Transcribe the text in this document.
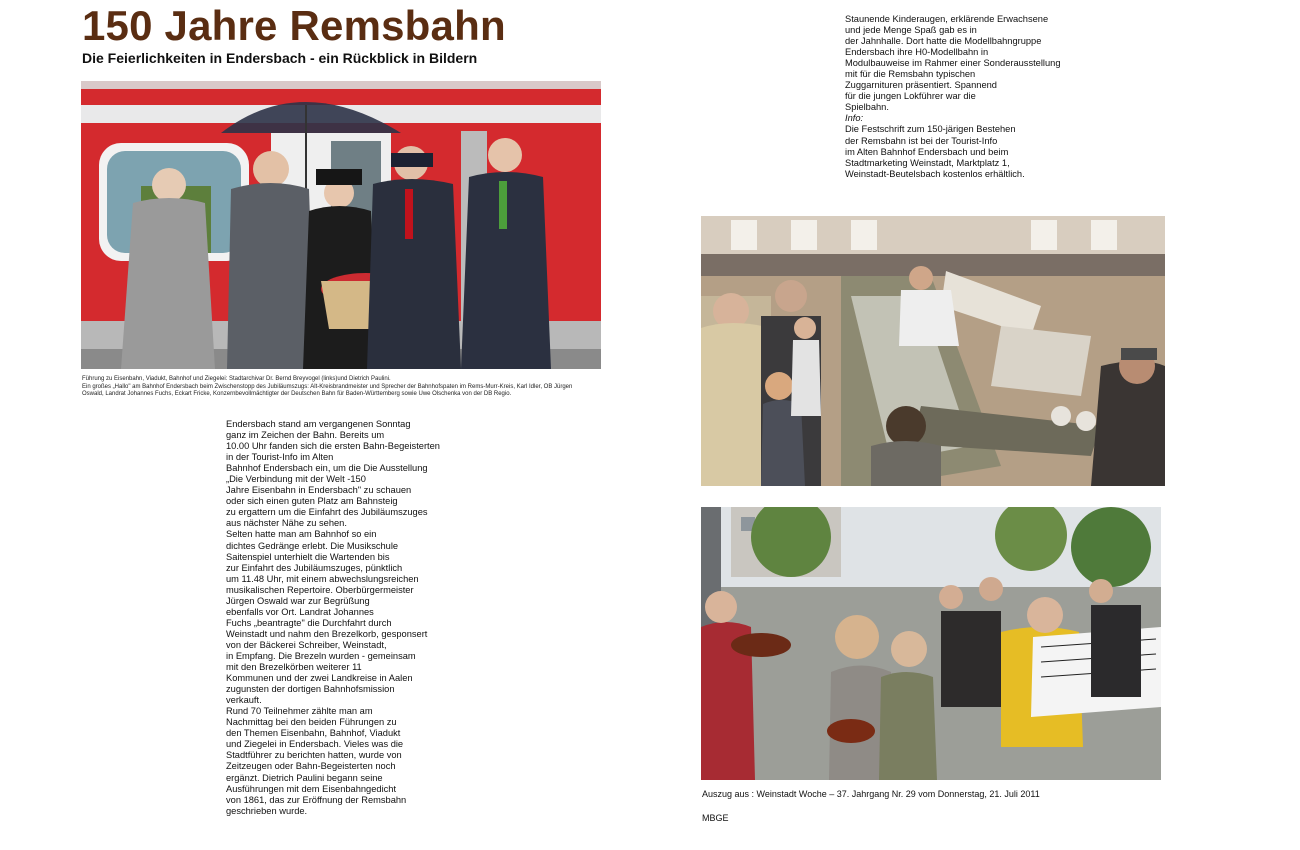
150 Jahre Remsbahn
Die Feierlichkeiten in Endersbach - ein Rückblick in Bildern
Führung zu Eisenbahn, Viadukt, Bahnhof und Ziegelei: Stadtarchivar Dr. Bernd Breyvogel (links)und Dietrich Paulini.
Ein großes „Hallo" am Bahnhof Endersbach beim Zwischenstopp des Jubiläumszugs: Alt-Kreisbrandmeister und Sprecher der Bahnhofspaten im Rems-Murr-Kreis, Karl Idler, OB Jürgen
Oswald, Landrat Johannes Fuchs, Eckart Fricke, Konzernbevollmächtigter der Deutschen Bahn für Baden-Württemberg sowie Uwe Olschenka von der DB Regio.
Endersbach stand am vergangenen Sonntag
ganz im Zeichen der Bahn. Bereits um
10.00 Uhr fanden sich die ersten Bahn-Begeisterten
in der Tourist-Info im Alten
Bahnhof Endersbach ein, um die Die Ausstellung
„Die Verbindung mit der Welt -150
Jahre Eisenbahn in Endersbach" zu schauen
oder sich einen guten Platz am Bahnsteig
zu ergattern um die Einfahrt des Jubiläumszuges
aus nächster Nähe zu sehen.
Selten hatte man am Bahnhof so ein
dichtes Gedränge erlebt. Die Musikschule
Saitenspiel unterhielt die Wartenden bis
zur Einfahrt des Jubiläumszuges, pünktlich
um 11.48 Uhr, mit einem abwechslungsreichen
musikalischen Repertoire. Oberbürgermeister
Jürgen Oswald war zur Begrüßung
ebenfalls vor Ort. Landrat Johannes
Fuchs „beantragte" die Durchfahrt durch
Weinstadt und nahm den Brezelkorb, gesponsert
von der Bäckerei Schreiber, Weinstadt,
in Empfang. Die Brezeln wurden - gemeinsam
mit den Brezelkörben weiterer 11
Kommunen und der zwei Landkreise in Aalen
zugunsten der dortigen Bahnhofsmission
verkauft.
Rund 70 Teilnehmer zählte man am
Nachmittag bei den beiden Führungen zu
den Themen Eisenbahn, Bahnhof, Viadukt
und Ziegelei in Endersbach. Vieles was die
Stadtführer zu berichten hatten, wurde von
Zeitzeugen oder Bahn-Begeisterten noch
ergänzt. Dietrich Paulini begann seine
Ausführungen mit dem Eisenbahngedicht
von 1861, das zur Eröffnung der Remsbahn
geschrieben wurde.
Staunende Kinderaugen, erklärende Erwachsene
und jede Menge Spaß gab es in
der Jahnhalle. Dort hatte die Modellbahngruppe
Endersbach ihre H0-Modellbahn in
Modulbauweise im Rahmer einer Sonderausstellung
mit für die Remsbahn typischen
Zuggarnituren präsentiert. Spannend
für die jungen Lokführer war die
Spielbahn.
Info:
Die Festschrift zum 150-järigen Bestehen
der Remsbahn ist bei der Tourist-Info
im Alten Bahnhof Endersbach und beim
Stadtmarketing Weinstadt, Marktplatz 1,
Weinstadt-Beutelsbach kostenlos erhältlich.
Auszug aus : Weinstadt Woche – 37. Jahrgang Nr. 29 vom Donnerstag, 21. Juli 2011
MBGE
